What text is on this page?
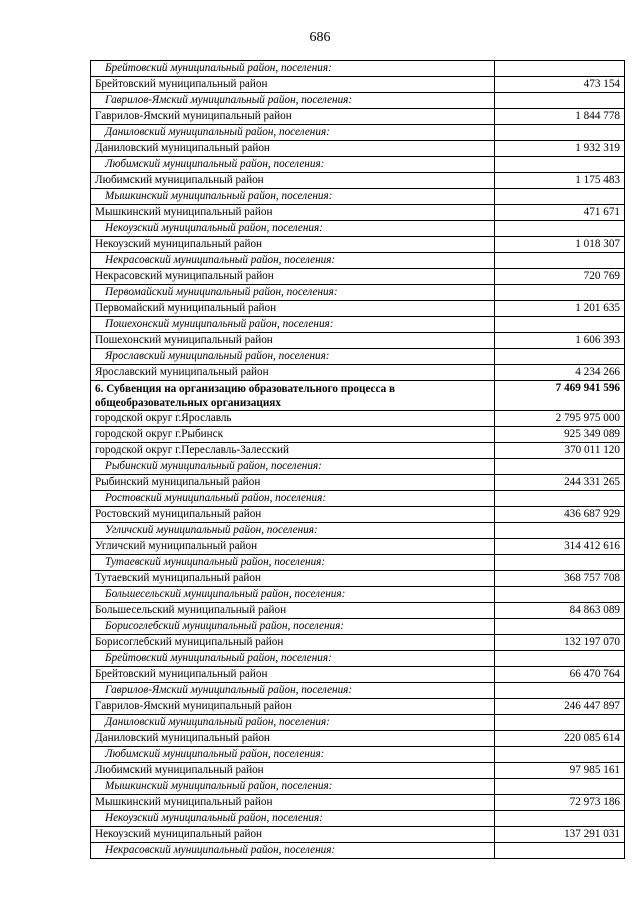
686
Брейтовский муниципальный район, поселения:	
Брейтовский муниципальный район	473 154
Гаврилов-Ямский муниципальный район, поселения:	
Гаврилов-Ямский муниципальный район	1 844 778
Даниловский муниципальный район, поселения:	
Даниловский муниципальный район	1 932 319
Любимский муниципальный район, поселения:	
Любимский муниципальный район	1 175 483
Мышкинский муниципальный район, поселения:	
Мышкинский муниципальный район	471 671
Некоузский муниципальный район, поселения:	
Некоузский муниципальный район	1 018 307
Некрасовский муниципальный район, поселения:	
Некрасовский муниципальный район	720 769
Первомайский муниципальный район, поселения:	
Первомайский муниципальный район	1 201 635
Пошехонский муниципальный район, поселения:	
Пошехонский муниципальный район	1 606 393
Ярославский муниципальный район, поселения:	
Ярославский муниципальный район	4 234 266
6. Субвенция на организацию образовательного процесса в общеобразовательных организациях	7 469 941 596
городской округ г.Ярославль	2 795 975 000
городской округ г.Рыбинск	925 349 089
городской округ г.Переславль-Залесский	370 011 120
Рыбинский муниципальный район, поселения:	
Рыбинский муниципальный район	244 331 265
Ростовский муниципальный район, поселения:	
Ростовский муниципальный район	436 687 929
Угличский муниципальный район, поселения:	
Угличский муниципальный район	314 412 616
Тутаевский муниципальный район, поселения:	
Тутаевский муниципальный район	368 757 708
Большесельский муниципальный район, поселения:	
Большесельский муниципальный район	84 863 089
Борисоглебский муниципальный район, поселения:	
Борисоглебский муниципальный район	132 197 070
Брейтовский муниципальный район, поселения:	
Брейтовский муниципальный район	66 470 764
Гаврилов-Ямский муниципальный район, поселения:	
Гаврилов-Ямский муниципальный район	246 447 897
Даниловский муниципальный район, поселения:	
Даниловский муниципальный район	220 085 614
Любимский муниципальный район, поселения:	
Любимский муниципальный район	97 985 161
Мышкинский муниципальный район, поселения:	
Мышкинский муниципальный район	72 973 186
Некоузский муниципальный район, поселения:	
Некоузский муниципальный район	137 291 031
Некрасовский муниципальный район, поселения:	
